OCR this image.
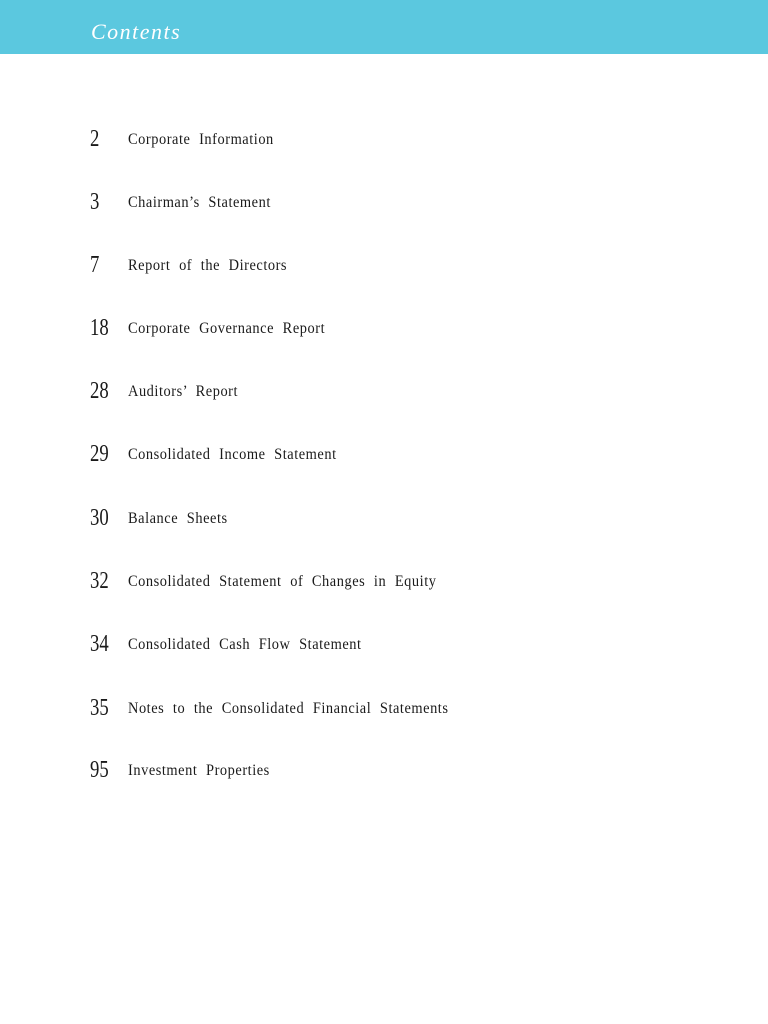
Contents
2 Corporate Information
3 Chairman’s Statement
7 Report of the Directors
18 Corporate Governance Report
28 Auditors’ Report
29 Consolidated Income Statement
30 Balance Sheets
32 Consolidated Statement of Changes in Equity
34 Consolidated Cash Flow Statement
35 Notes to the Consolidated Financial Statements
95 Investment Properties
